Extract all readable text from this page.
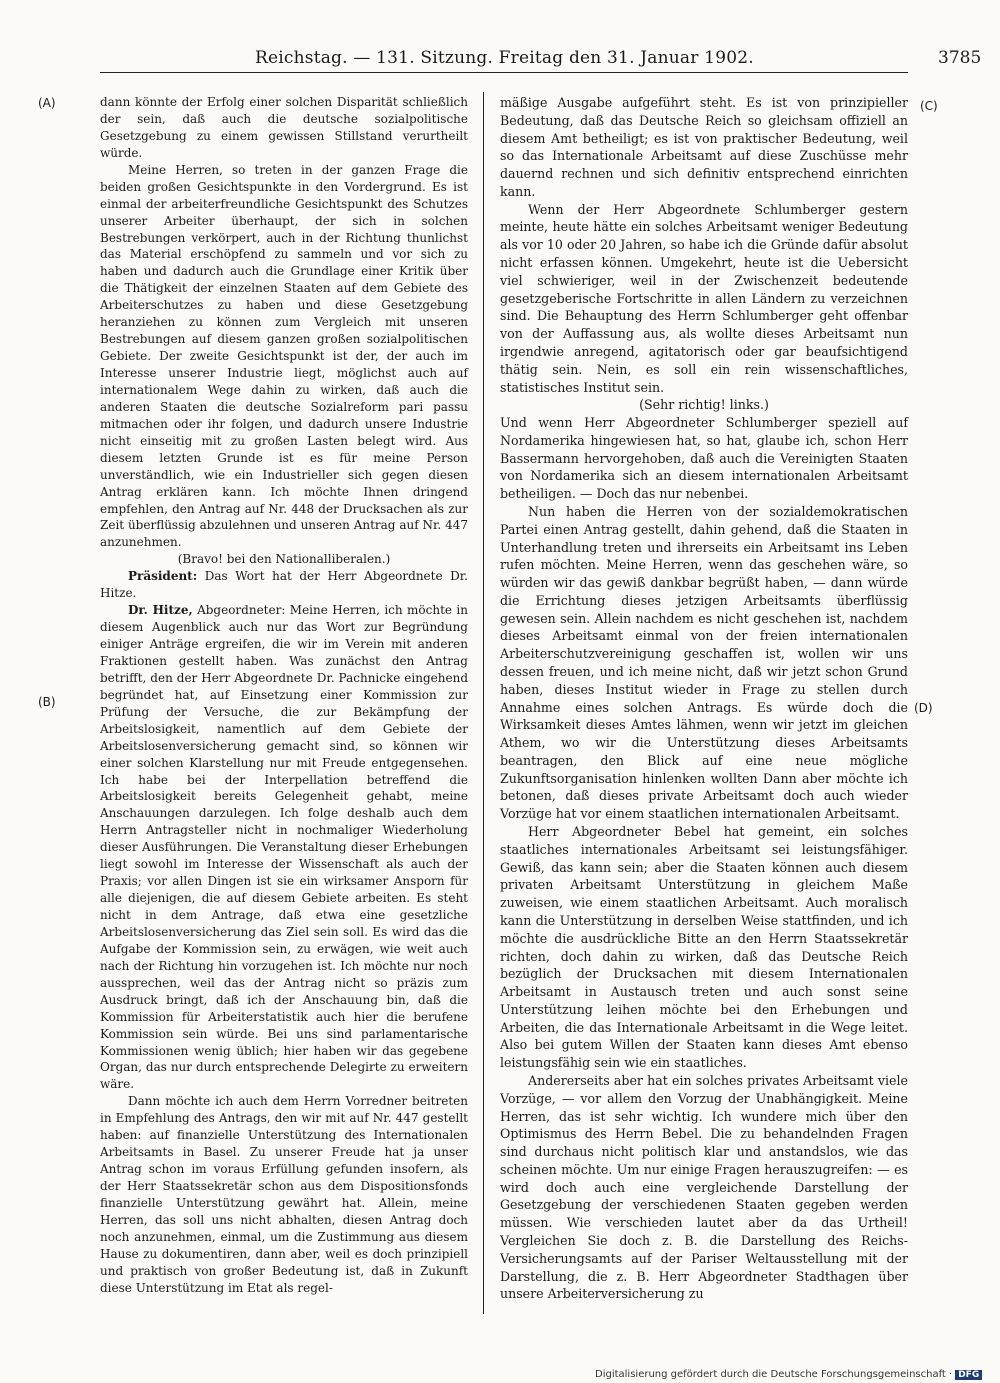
Reichstag. — 131. Sitzung. Freitag den 31. Januar 1902.	3785
(A)
(B)
(C)
(D)

dann könnte der Erfolg einer solchen Disparität schließlich der sein, daß auch die deutsche sozialpolitische Gesetzgebung zu einem gewissen Stillstand verurtheilt würde.

Meine Herren, so treten in der ganzen Frage die beiden großen Gesichtspunkte in den Vordergrund. Es ist einmal der arbeiterfreundliche Gesichtspunkt des Schutzes unserer Arbeiter überhaupt, der sich in solchen Bestrebungen verkörpert, auch in der Richtung thunlichst das Material erschöpfend zu sammeln und vor sich zu haben und dadurch auch die Grundlage einer Kritik über die Thätigkeit der einzelnen Staaten auf dem Gebiete des Arbeiterschutzes zu haben und diese Gesetzgebung heranziehen zu können zum Vergleich mit unseren Bestrebungen auf diesem ganzen großen sozialpolitischen Gebiete. Der zweite Gesichtspunkt ist der, der auch im Interesse unserer Industrie liegt, möglichst auch auf internationalem Wege dahin zu wirken, daß auch die anderen Staaten die deutsche Sozialreform pari passu mitmachen oder ihr folgen, und dadurch unsere Industrie nicht einseitig mit zu großen Lasten belegt wird. Aus diesem letzten Grunde ist es für meine Person unverständlich, wie ein Industrieller sich gegen diesen Antrag erklären kann. Ich möchte Ihnen dringend empfehlen, den Antrag auf Nr. 448 der Drucksachen als zur Zeit überflüssig abzulehnen und unseren Antrag auf Nr. 447 anzunehmen.

(Bravo! bei den Nationalliberalen.)

Präsident: Das Wort hat der Herr Abgeordnete Dr. Hitze.

Dr. Hitze, Abgeordneter: Meine Herren, ich möchte in diesem Augenblick auch nur das Wort zur Begründung einiger Anträge ergreifen, die wir im Verein mit anderen Fraktionen gestellt haben. Was zunächst den Antrag betrifft, den der Herr Abgeordnete Dr. Pachnicke eingehend begründet hat, auf Einsetzung einer Kommission zur Prüfung der Versuche, die zur Bekämpfung der Arbeitslosigkeit, namentlich auf dem Gebiete der Arbeitslosenversicherung gemacht sind, so können wir einer solchen Klarstellung nur mit Freude entgegensehen. Ich habe bei der Interpellation betreffend die Arbeitslosigkeit bereits Gelegenheit gehabt, meine Anschauungen darzulegen. Ich folge deshalb auch dem Herrn Antragsteller nicht in nochmaliger Wiederholung dieser Ausführungen. Die Veranstaltung dieser Erhebungen liegt sowohl im Interesse der Wissenschaft als auch der Praxis; vor allen Dingen ist sie ein wirksamer Ansporn für alle diejenigen, die auf diesem Gebiete arbeiten. Es steht nicht in dem Antrage, daß etwa eine gesetzliche Arbeitslosenversicherung das Ziel sein soll. Es wird das die Aufgabe der Kommission sein, zu erwägen, wie weit auch nach der Richtung hin vorzugehen ist. Ich möchte nur noch aussprechen, weil das der Antrag nicht so präzis zum Ausdruck bringt, daß ich der Anschauung bin, daß die Kommission für Arbeiterstatistik auch hier die berufene Kommission sein würde. Bei uns sind parlamentarische Kommissionen wenig üblich; hier haben wir das gegebene Organ, das nur durch entsprechende Delegirte zu erweitern wäre.

Dann möchte ich auch dem Herrn Vorredner beitreten in Empfehlung des Antrags, den wir mit auf Nr. 447 gestellt haben: auf finanzielle Unterstützung des Internationalen Arbeitsamts in Basel. Zu unserer Freude hat ja unser Antrag schon im voraus Erfüllung gefunden insofern, als der Herr Staatssekretär schon aus dem Dispositionsfonds finanzielle Unterstützung gewährt hat. Allein, meine Herren, das soll uns nicht abhalten, diesen Antrag doch noch anzunehmen, einmal, um die Zustimmung aus diesem Hause zu dokumentiren, dann aber, weil es doch prinzipiell und praktisch von großer Bedeutung ist, daß in Zukunft diese Unterstützung im Etat als regel-

mäßige Ausgabe aufgeführt steht. Es ist von prinzipieller Bedeutung, daß das Deutsche Reich so gleichsam offiziell an diesem Amt betheiligt; es ist von praktischer Bedeutung, weil so das Internationale Arbeitsamt auf diese Zuschüsse mehr dauernd rechnen und sich definitiv entsprechend einrichten kann.

Wenn der Herr Abgeordnete Schlumberger gestern meinte, heute hätte ein solches Arbeitsamt weniger Bedeutung als vor 10 oder 20 Jahren, so habe ich die Gründe dafür absolut nicht erfassen können. Umgekehrt, heute ist die Uebersicht viel schwieriger, weil in der Zwischenzeit bedeutende gesetzgeberische Fortschritte in allen Ländern zu verzeichnen sind. Die Behauptung des Herrn Schlumberger geht offenbar von der Auffassung aus, als wollte dieses Arbeitsamt nun irgendwie anregend, agitatorisch oder gar beaufsichtigend thätig sein. Nein, es soll ein rein wissenschaftliches, statistisches Institut sein.

(Sehr richtig! links.)

Und wenn Herr Abgeordneter Schlumberger speziell auf Nordamerika hingewiesen hat, so hat, glaube ich, schon Herr Bassermann hervorgehoben, daß auch die Vereinigten Staaten von Nordamerika sich an diesem internationalen Arbeitsamt betheiligen. — Doch das nur nebenbei.

Nun haben die Herren von der sozialdemokratischen Partei einen Antrag gestellt, dahin gehend, daß die Staaten in Unterhandlung treten und ihrerseits ein Arbeitsamt ins Leben rufen möchten. Meine Herren, wenn das geschehen wäre, so würden wir das gewiß dankbar begrüßt haben, — dann würde die Errichtung dieses jetzigen Arbeitsamts überflüssig gewesen sein. Allein nachdem es nicht geschehen ist, nachdem dieses Arbeitsamt einmal von der freien internationalen Arbeiterschutzvereinigung geschaffen ist, wollen wir uns dessen freuen, und ich meine nicht, daß wir jetzt schon Grund haben, dieses Institut wieder in Frage zu stellen durch Annahme eines solchen Antrags. Es würde doch die Wirksamkeit dieses Amtes lähmen, wenn wir jetzt im gleichen Athem, wo wir die Unterstützung dieses Arbeitsamts beantragen, den Blick auf eine neue mögliche Zukunftsorganisation hinlenken wollten Dann aber möchte ich betonen, daß dieses private Arbeitsamt doch auch wieder Vorzüge hat vor einem staatlichen internationalen Arbeitsamt.

Herr Abgeordneter Bebel hat gemeint, ein solches staatliches internationales Arbeitsamt sei leistungsfähiger. Gewiß, das kann sein; aber die Staaten können auch diesem privaten Arbeitsamt Unterstützung in gleichem Maße zuweisen, wie einem staatlichen Arbeitsamt. Auch moralisch kann die Unterstützung in derselben Weise stattfinden, und ich möchte die ausdrückliche Bitte an den Herrn Staatssekretär richten, doch dahin zu wirken, daß das Deutsche Reich bezüglich der Drucksachen mit diesem Internationalen Arbeitsamt in Austausch treten und auch sonst seine Unterstützung leihen möchte bei den Erhebungen und Arbeiten, die das Internationale Arbeitsamt in die Wege leitet. Also bei gutem Willen der Staaten kann dieses Amt ebenso leistungsfähig sein wie ein staatliches.

Andererseits aber hat ein solches privates Arbeitsamt viele Vorzüge, — vor allem den Vorzug der Unabhängigkeit. Meine Herren, das ist sehr wichtig. Ich wundere mich über den Optimismus des Herrn Bebel. Die zu behandelnden Fragen sind durchaus nicht politisch klar und anstandslos, wie das scheinen möchte. Um nur einige Fragen herauszugreifen: — es wird doch auch eine vergleichende Darstellung der Gesetzgebung der verschiedenen Staaten gegeben werden müssen. Wie verschieden lautet aber da das Urtheil! Vergleichen Sie doch z. B. die Darstellung des Reichs-Versicherungsamts auf der Pariser Weltausstellung mit der Darstellung, die z. B. Herr Abgeordneter Stadthagen über unsere Arbeiterversicherung zu

Digitalisierung gefördert durch die Deutsche Forschungsgemeinschaft · DFG
